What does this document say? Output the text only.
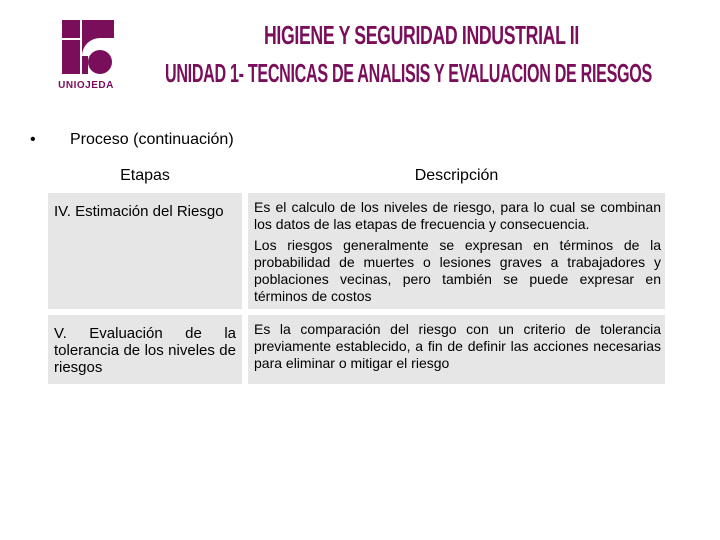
UNIOJEDA
HIGIENE Y SEGURIDAD INDUSTRIAL II
UNIDAD 1- TECNICAS DE ANALISIS Y EVALUACION DE RIESGOS
• Proceso (continuación)
Etapas		Descripción
IV. Estimación del Riesgo		Es el calculo de los niveles de riesgo, para lo cual se combinan los datos de las etapas de frecuencia y consecuencia.

Los riesgos generalmente se expresan en términos de la probabilidad de muertes o lesiones graves a trabajadores y poblaciones vecinas, pero también se puede expresar en términos de costos

V. Evaluación de la tolerancia de los niveles de riesgos		Es la comparación del riesgo con un criterio de tolerancia previamente establecido, a fin de definir las acciones necesarias para eliminar o mitigar el riesgo
